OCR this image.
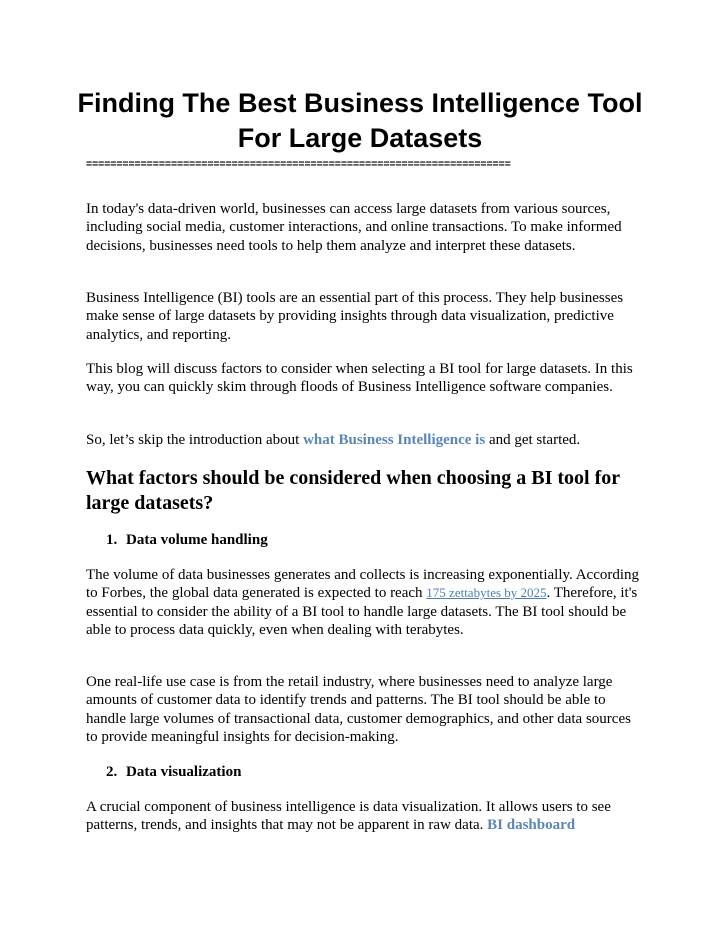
Finding The Best Business Intelligence Tool For Large Datasets
======================================================================

In today's data-driven world, businesses can access large datasets from various sources, including social media, customer interactions, and online transactions. To make informed decisions, businesses need tools to help them analyze and interpret these datasets.

Business Intelligence (BI) tools are an essential part of this process. They help businesses make sense of large datasets by providing insights through data visualization, predictive analytics, and reporting.

This blog will discuss factors to consider when selecting a BI tool for large datasets. In this way, you can quickly skim through floods of Business Intelligence software companies.

So, let’s skip the introduction about what Business Intelligence is and get started.

What factors should be considered when choosing a BI tool for large datasets?
1. Data volume handling

The volume of data businesses generates and collects is increasing exponentially. According to Forbes, the global data generated is expected to reach 175 zettabytes by 2025. Therefore, it's essential to consider the ability of a BI tool to handle large datasets. The BI tool should be able to process data quickly, even when dealing with terabytes.

One real-life use case is from the retail industry, where businesses need to analyze large amounts of customer data to identify trends and patterns. The BI tool should be able to handle large volumes of transactional data, customer demographics, and other data sources to provide meaningful insights for decision-making.

2. Data visualization

A crucial component of business intelligence is data visualization. It allows users to see patterns, trends, and insights that may not be apparent in raw data. BI dashboard
